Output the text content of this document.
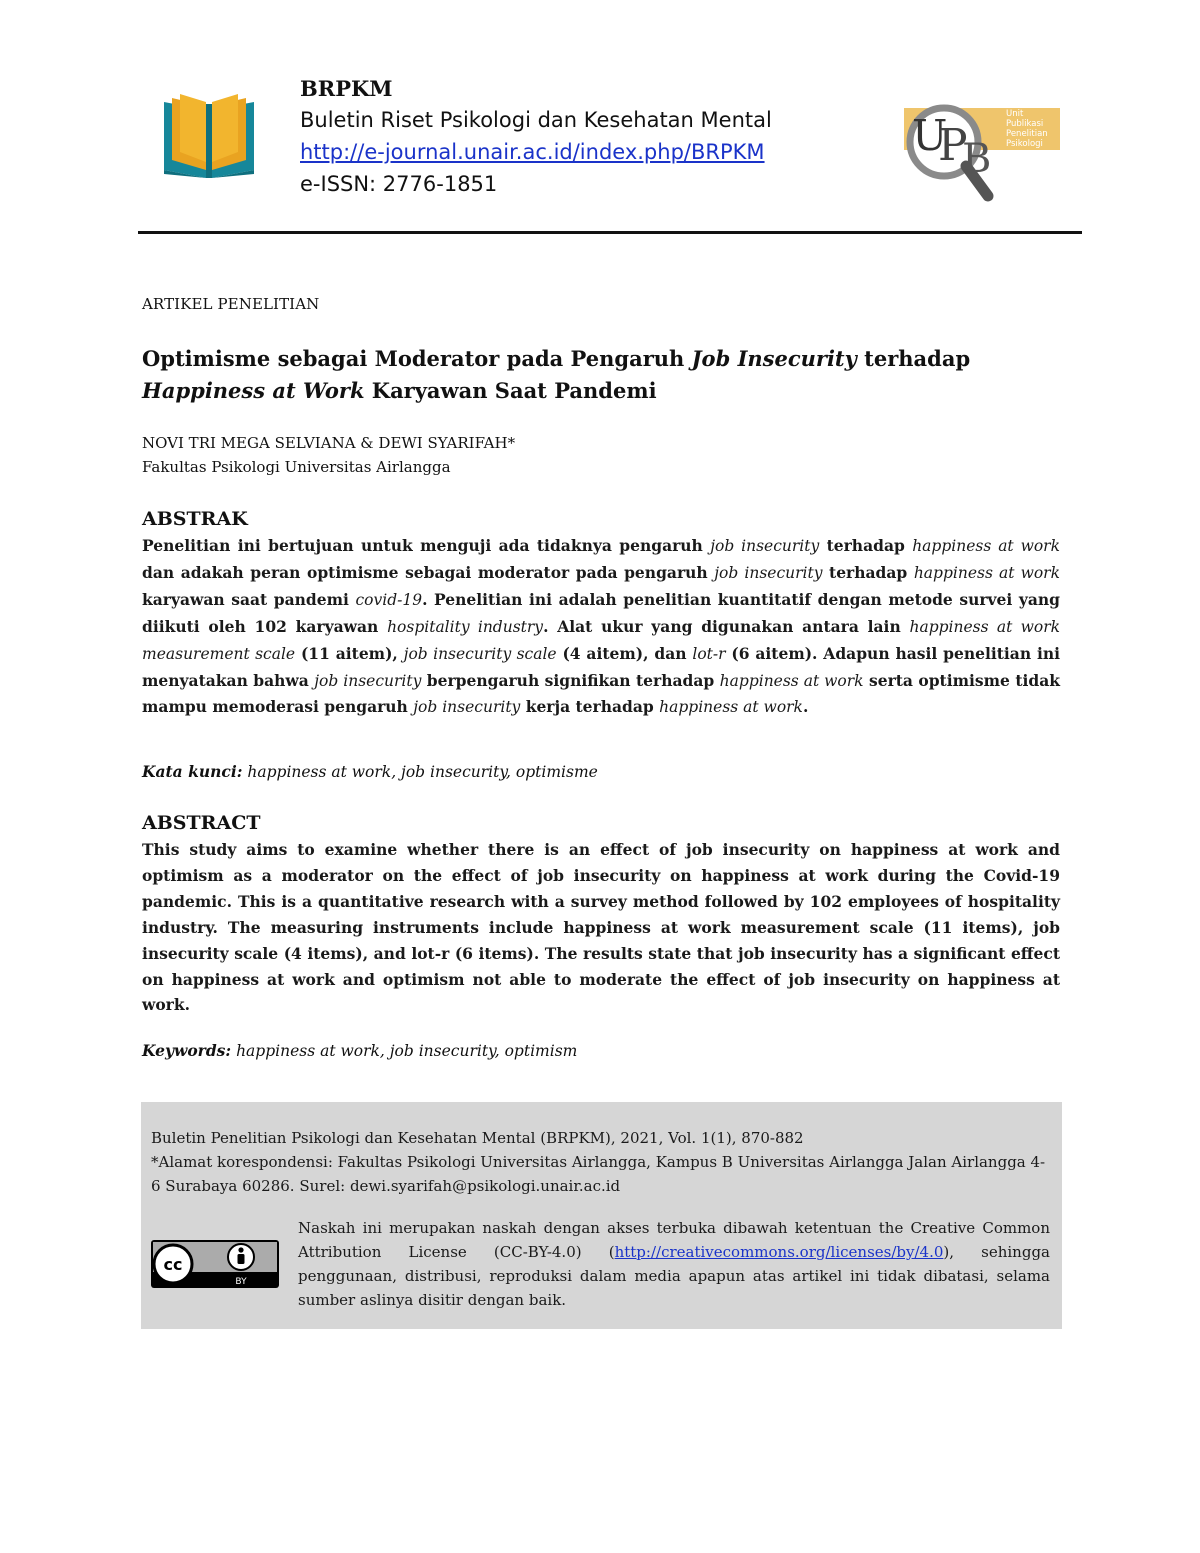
BRPKM
Buletin Riset Psikologi dan Kesehatan Mental
http://e-journal.unair.ac.id/index.php/BRPKM
e-ISSN: 2776-1851
U
P
B
Unit
Publikasi
Penelitian
Psikologi
ARTIKEL PENELITIAN
Optimisme sebagai Moderator pada Pengaruh Job Insecurity terhadap
Happiness at Work Karyawan Saat Pandemi
NOVI TRI MEGA SELVIANA & DEWI SYARIFAH*
Fakultas Psikologi Universitas Airlangga
ABSTRAK
Penelitian ini bertujuan untuk menguji ada tidaknya pengaruh job insecurity terhadap happiness at work dan adakah peran optimisme sebagai moderator pada pengaruh job insecurity terhadap happiness at work karyawan saat pandemi covid-19. Penelitian ini adalah penelitian kuantitatif dengan metode survei yang diikuti oleh 102 karyawan hospitality industry. Alat ukur yang digunakan antara lain happiness at work measurement scale (11 aitem), job insecurity scale (4 aitem), dan lot-r (6 aitem). Adapun hasil penelitian ini menyatakan bahwa job insecurity berpengaruh signifikan terhadap happiness at work serta optimisme tidak mampu memoderasi pengaruh job insecurity kerja terhadap happiness at work.
Kata kunci: happiness at work, job insecurity, optimisme
ABSTRACT
This study aims to examine whether there is an effect of job insecurity on happiness at work and optimism as a moderator on the effect of job insecurity on happiness at work during the Covid-19 pandemic. This is a quantitative research with a survey method followed by 102 employees of hospitality industry. The measuring instruments include happiness at work measurement scale (11 items), job insecurity scale (4 items), and lot-r (6 items). The results state that job insecurity has a significant effect on happiness at work and optimism not able to moderate the effect of job insecurity on happiness at work.
Keywords: happiness at work, job insecurity, optimism
Buletin Penelitian Psikologi dan Kesehatan Mental (BRPKM), 2021, Vol. 1(1), 870-882
*Alamat korespondensi: Fakultas Psikologi Universitas Airlangga, Kampus B Universitas Airlangga Jalan Airlangga 4-6 Surabaya 60286. Surel: dewi.syarifah@psikologi.unair.ac.id
cc
BY
Naskah ini merupakan naskah dengan akses terbuka dibawah ketentuan the Creative Common Attribution License (CC-BY-4.0) (http://creativecommons.org/licenses/by/4.0), sehingga penggunaan, distribusi, reproduksi dalam media apapun atas artikel ini tidak dibatasi, selama sumber aslinya disitir dengan baik.
